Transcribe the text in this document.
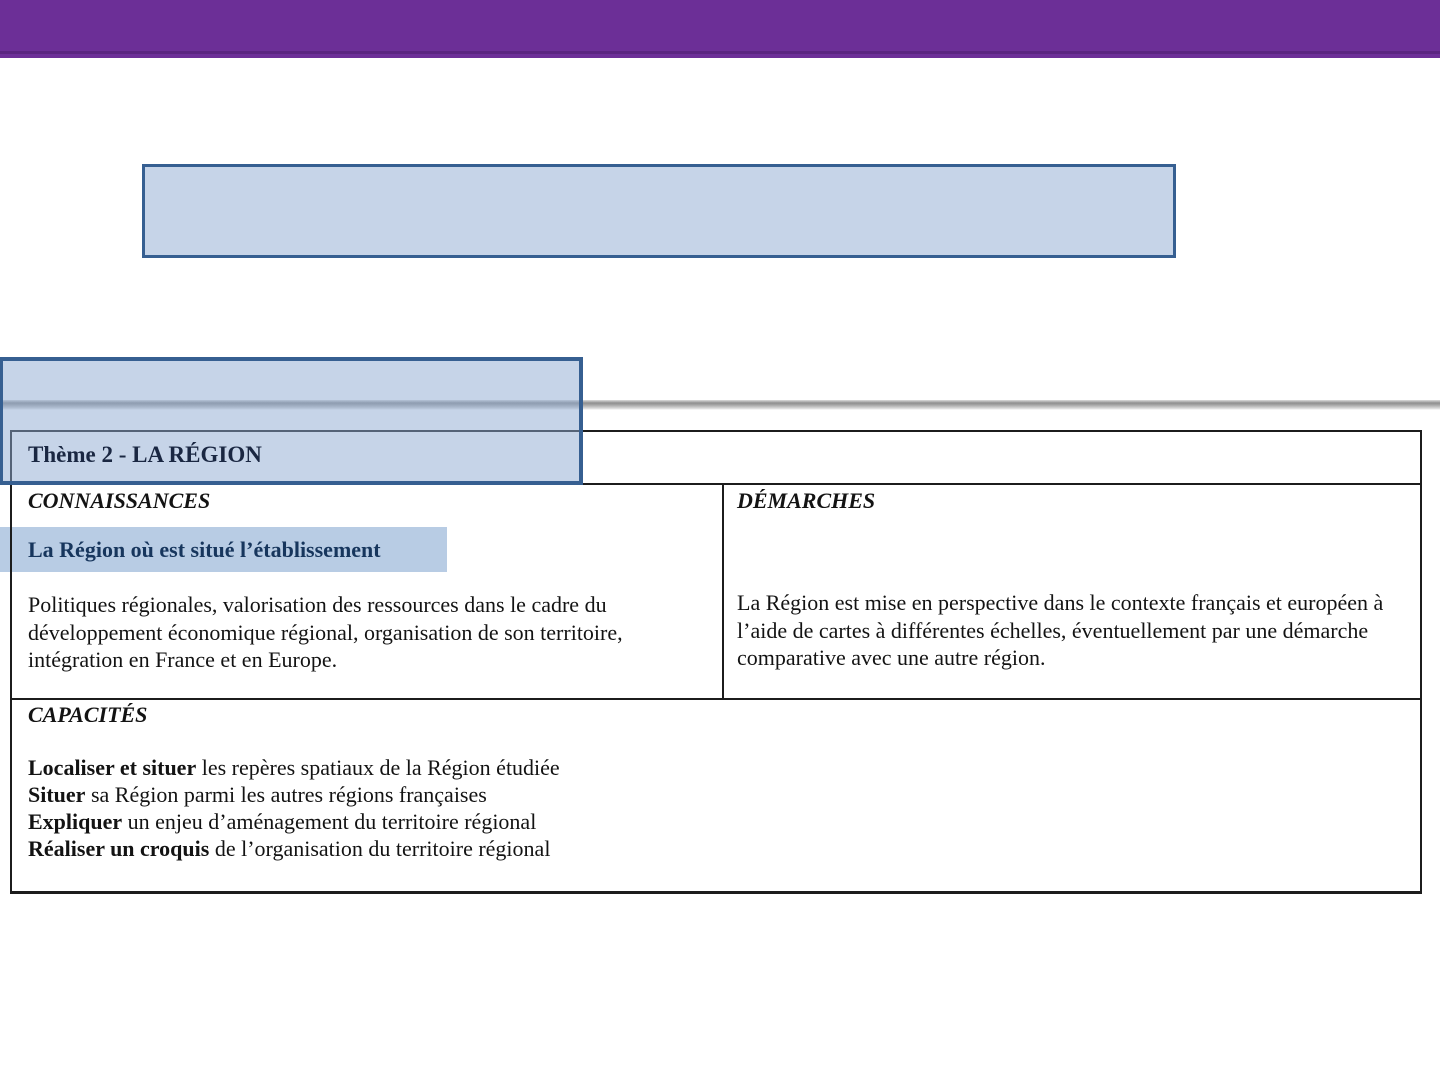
La Région où est situé l’établissement
Thème 2 - LA RÉGION
CONNAISSANCES	DÉMARCHES
Politiques régionales, valorisation des ressources dans le cadre du développement économique régional, organisation de son territoire, intégration en France et en Europe.
La Région est mise en perspective dans le contexte français et européen à l’aide de cartes à différentes échelles, éventuellement par une démarche comparative avec une autre région.
CAPACITÉS
Localiser et situer les repères spatiaux de la Région étudiée
Situer sa Région parmi les autres régions françaises
Expliquer un enjeu d’aménagement du territoire régional
Réaliser un croquis de l’organisation du territoire régional
